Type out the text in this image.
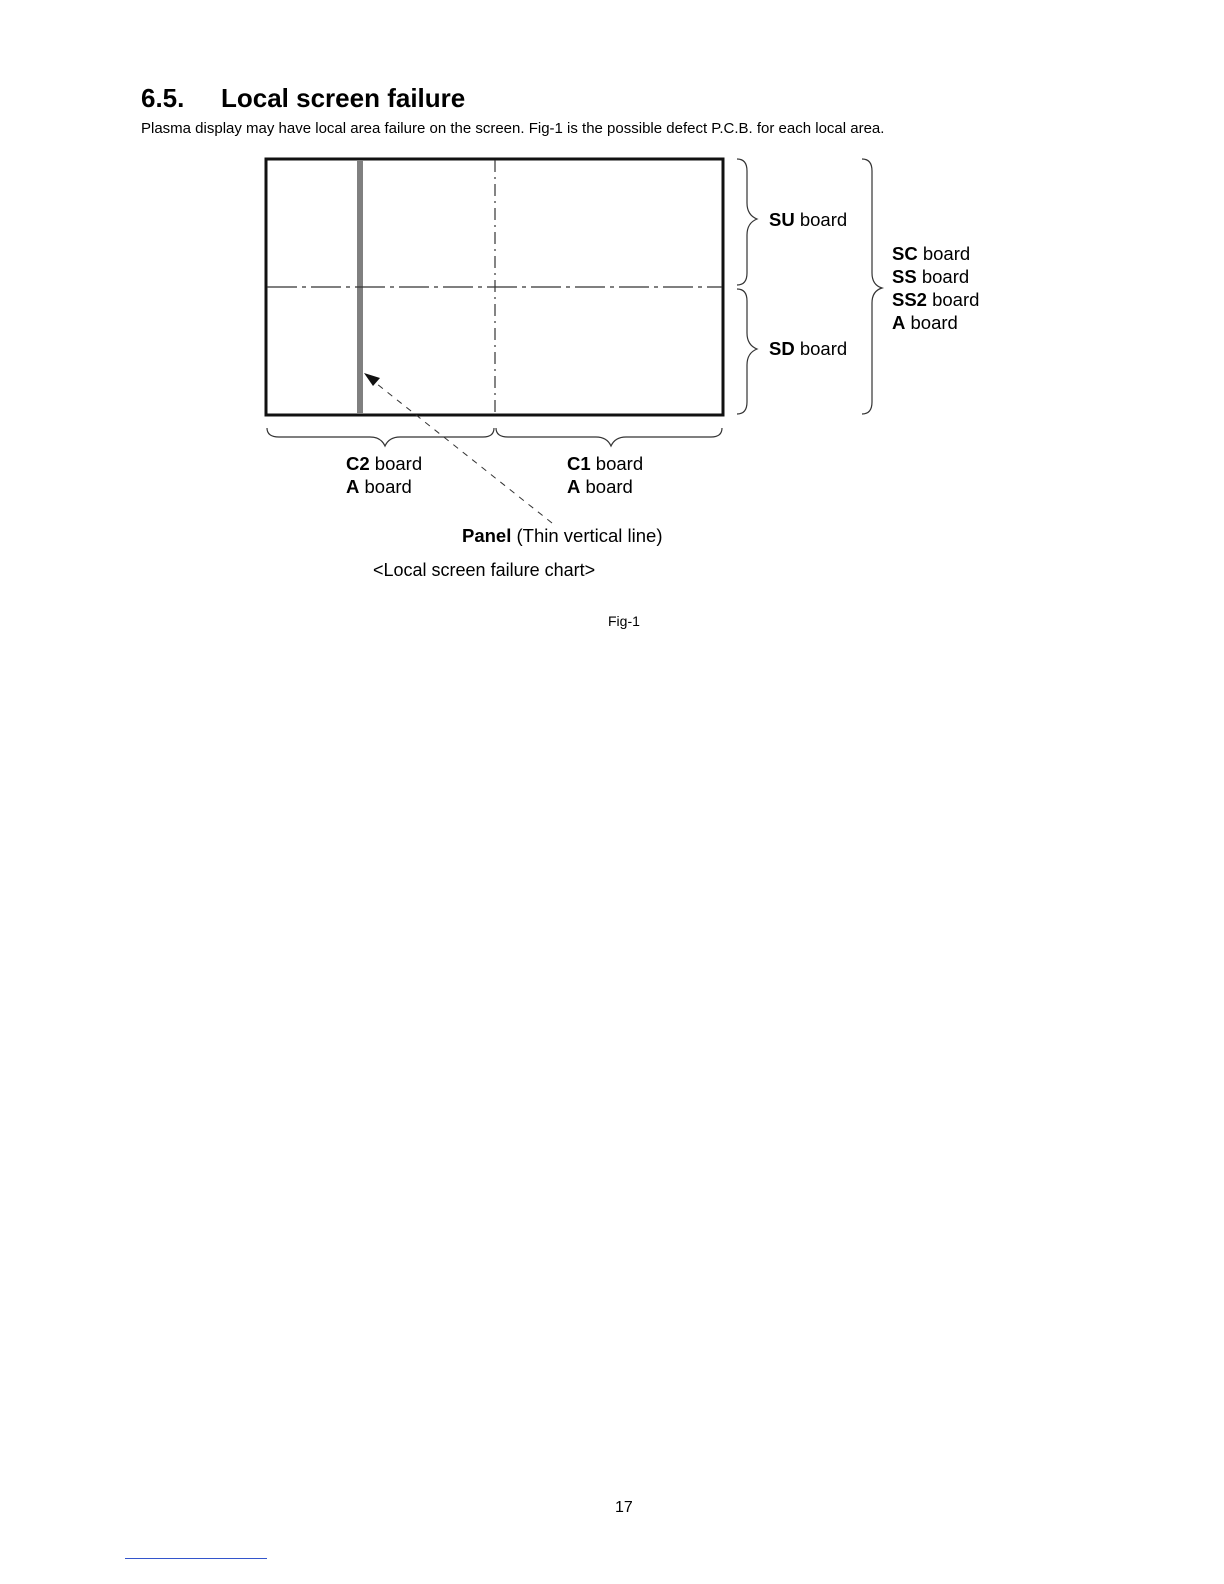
6.5. Local screen failure
Plasma display may have local area failure on the screen. Fig-1 is the possible defect P.C.B. for each local area.
SU board
SD board
SC board
SS board
SS2 board
A board
C2 board
A board
C1 board
A board
Panel (Thin vertical line)
<Local screen failure chart>
Fig-1
17
